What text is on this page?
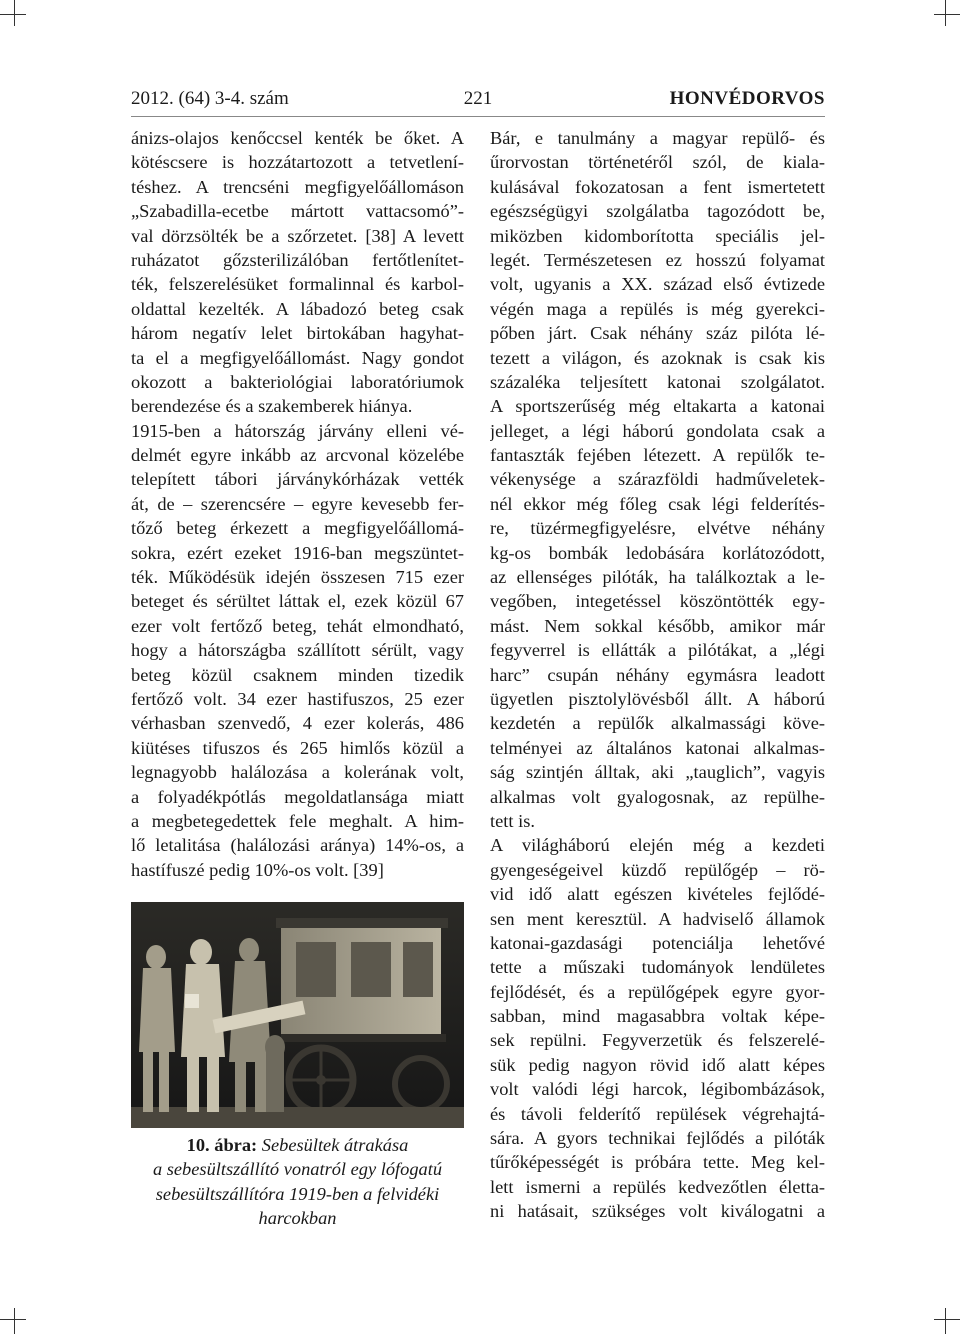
2012. (64) 3-4. szám	221	HONVÉDORVOS
ánizs-olajos kenőccsel kenték be őket. A
kötéscsere is hozzátartozott a tetvetlení-
téshez. A trencséni megfigyelőállomáson
„Szabadilla-ecetbe mártott vattacsomó”-
val dörzsölték be a szőrzetet. [38] A levett
ruházatot gőzsterilizálóban fertőtlenítet-
ték, felszerelésüket formalinnal és karbol-
oldattal kezelték. A lábadozó beteg csak
három negatív lelet birtokában hagyhat-
ta el a megfigyelőállomást. Nagy gondot
okozott a bakteriológiai laboratóriumok
berendezése és a szakemberek hiánya.
1915-ben a hátország járvány elleni vé-
delmét egyre inkább az arcvonal közelébe
telepített tábori járványkórházak vették
át, de – szerencsére – egyre kevesebb fer-
tőző beteg érkezett a megfigyelőállomá-
sokra, ezért ezeket 1916-ban megszüntet-
ték. Működésük idején összesen 715 ezer
beteget és sérültet láttak el, ezek közül 67
ezer volt fertőző beteg, tehát elmondható,
hogy a hátországba szállított sérült, vagy
beteg közül csaknem minden tizedik
fertőző volt. 34 ezer hastifuszos, 25 ezer
vérhasban szenvedő, 4 ezer kolerás, 486
kiütéses tifuszos és 265 himlős közül a
legnagyobb halálozása a kolerának volt,
a folyadékpótlás megoldatlansága miatt
a megbetegedettek fele meghalt. A him-
lő letalitása (halálozási aránya) 14%-os, a
hastífuszé pedig 10%-os volt. [39]
Bár, e tanulmány a magyar repülő- és
űrorvostan történetéről szól, de kiala-
kulásával fokozatosan a fent ismertetett
egészségügyi szolgálatba tagozódott be,
miközben kidomborította speciális jel-
legét. Természetesen ez hosszú folyamat
volt, ugyanis a XX. század első évtizede
végén maga a repülés is még gyerekci-
pőben járt. Csak néhány száz pilóta lé-
tezett a világon, és azoknak is csak kis
százaléka teljesített katonai szolgálatot.
A sportszerűség még eltakarta a katonai
jelleget, a légi háború gondolata csak a
fantaszták fejében létezett. A repülők te-
vékenysége a szárazföldi hadműveletek-
nél ekkor még főleg csak légi felderítés-
re, tüzérmegfigyelésre, elvétve néhány
kg-os bombák ledobására korlátozódott,
az ellenséges pilóták, ha találkoztak a le-
vegőben, integetéssel köszöntötték egy-
mást. Nem sokkal később, amikor már
fegyverrel is ellátták a pilótákat, a „légi
harc” csupán néhány egymásra leadott
ügyetlen pisztolylövésből állt. A háború
kezdetén a repülők alkalmassági köve-
telményei az általános katonai alkalmas-
ság szintjén álltak, aki „tauglich”, vagyis
alkalmas volt gyalogosnak, az repülhe-
tett is.
A világháború elején még a kezdeti
gyengeségeivel küzdő repülőgép – rö-
vid idő alatt egészen kivételes fejlődé-
sen ment keresztül. A hadviselő államok
katonai-gazdasági potenciálja lehetővé
tette a műszaki tudományok lendületes
fejlődését, és a repülőgépek egyre gyor-
sabban, mind magasabbra voltak képe-
sek repülni. Fegyverzetük és felszerelé-
sük pedig nagyon rövid idő alatt képes
volt valódi légi harcok, légibombázások,
és távoli felderítő repülések végrehajtá-
sára. A gyors technikai fejlődés a pilóták
tűrőképességét is próbára tette. Meg kel-
lett ismerni a repülés kedvezőtlen életta-
ni hatásait, szükséges volt kiválogatni a
10. ábra: Sebesültek átrakása
a sebesültszállító vonatról egy lófogatú
sebesültszállítóra 1919-ben a felvidéki
harcokban
